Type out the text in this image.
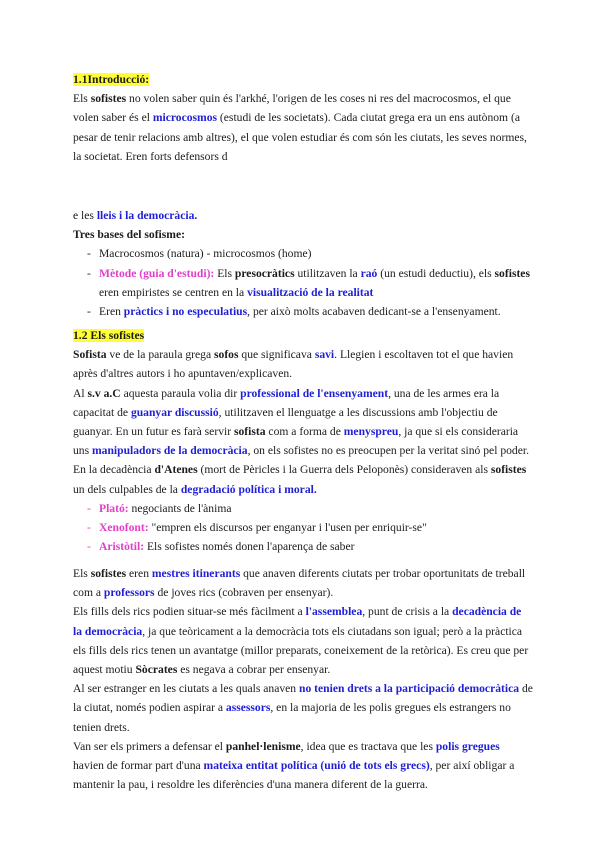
1.1Introducció:

Els sofistes no volen saber quin és l'arkhé, l'origen de les coses ni res del macrocosmos, el que volen saber és el microcosmos (estudi de les societats). Cada ciutat grega era un ens autònom (a pesar de tenir relacions amb altres), el que volen estudiar és com són les ciutats, les seves normes, la societat. Eren forts defensors d

e les lleis i la democràcia.

Tres bases del sofisme:

- Macrocosmos (natura) - microcosmos (home)
- Mètode (guia d'estudi): Els presocràtics utilitzaven la raó (un estudi deductiu), els sofistes eren empiristes se centren en la visualització de la realitat
- Eren pràctics i no especulatius, per això molts acabaven dedicant-se a l'ensenyament.

1.2 Els sofistes

Sofista ve de la paraula grega sofos que significava savi. Llegien i escoltaven tot el que havien après d'altres autors i ho apuntaven/explicaven.

Al s.v a.C aquesta paraula volia dir professional de l'ensenyament, una de les armes era la capacitat de guanyar discussió, utilitzaven el llenguatge a les discussions amb l'objectiu de guanyar. En un futur es farà servir sofista com a forma de menyspreu, ja que si els consideraria uns manipuladors de la democràcia, on els sofistes no es preocupen per la veritat sinó pel poder.

En la decadència d'Atenes (mort de Pèricles i la Guerra dels Peloponès) consideraven als sofistes un dels culpables de la degradació política i moral.

- Plató: negociants de l'ànima
- Xenofont: "empren els discursos per enganyar i l'usen per enriquir-se"
- Aristòtil: Els sofistes només donen l'aparença de saber

Els sofistes eren mestres itinerants que anaven diferents ciutats per trobar oportunitats de treball com a professors de joves rics (cobraven per ensenyar).

Els fills dels rics podien situar-se més fàcilment a l'assemblea, punt de crisis a la decadència de la democràcia, ja que teòricament a la democràcia tots els ciutadans son igual; però a la pràctica els fills dels rics tenen un avantatge (millor preparats, coneixement de la retòrica). Es creu que per aquest motiu Sòcrates es negava a cobrar per ensenyar.

Al ser estranger en les ciutats a les quals anaven no tenien drets a la participació democràtica de la ciutat, només podien aspirar a assessors, en la majoria de les polis gregues els estrangers no tenien drets.

Van ser els primers a defensar el panhel·lenisme, idea que es tractava que les polis gregues havien de formar part d'una mateixa entitat política (unió de tots els grecs), per així obligar a mantenir la pau, i resoldre les diferències d'una manera diferent de la guerra.
